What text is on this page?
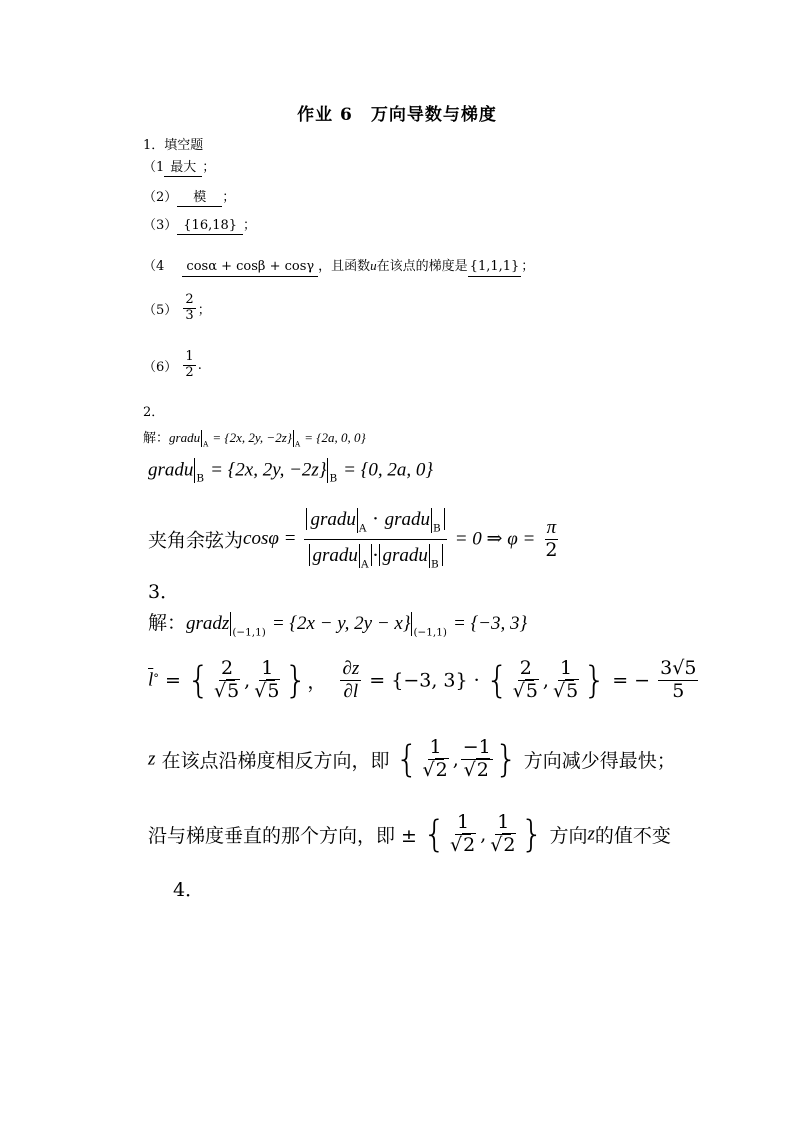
作业 6　万向导数与梯度
1．填空题
（1 最大 ；
（2） 模 ；
（3） {16,18} ；
（4 cosα + cosβ + cosγ ，且函数u在该点的梯度是 {1,1,1} ；
$(5) \frac{2}{3}$ ；
$(6) \frac{1}{2}$ .
2．
解：gradu $_A$ = {2x, 2y, −2z} $_A$ = {2a, 0, 0}
gradu $_B$ = {2x, 2y, −2z} $_B$ = {0, 2a, 0}
夹角余弦为$\cos\varphi = \frac{gradu _A \cdot gradu _B}{gradu _A \cdot gradu _B} = 0$ ⇒ $\varphi = \frac{\pi}{2}$
3．
解：gradz $_{(-1,1)}$ = {2x − y, 2y − x} $_{(-1,1)}$ = {−3, 3}
$\overline{l}^\circ$ = { $\frac{2}{√5}$ , $\frac{1}{√5}$ }， $\frac{\partial z}{\partial l} = \{-3$, 3} · { $\frac{2}{√5}$ , $\frac{1}{√5}$ } = − $\frac{3√5}{5}$
z 在该点沿梯度相反方向，即 { $\frac{1}{√2}$ , $\frac{-1}{√2}$ } 方向减少得最快；
沿与梯度垂直的那个方向，即 ± { $\frac{1}{√2}$ , $\frac{1}{√2}$ } 方向z的值不变
4．
